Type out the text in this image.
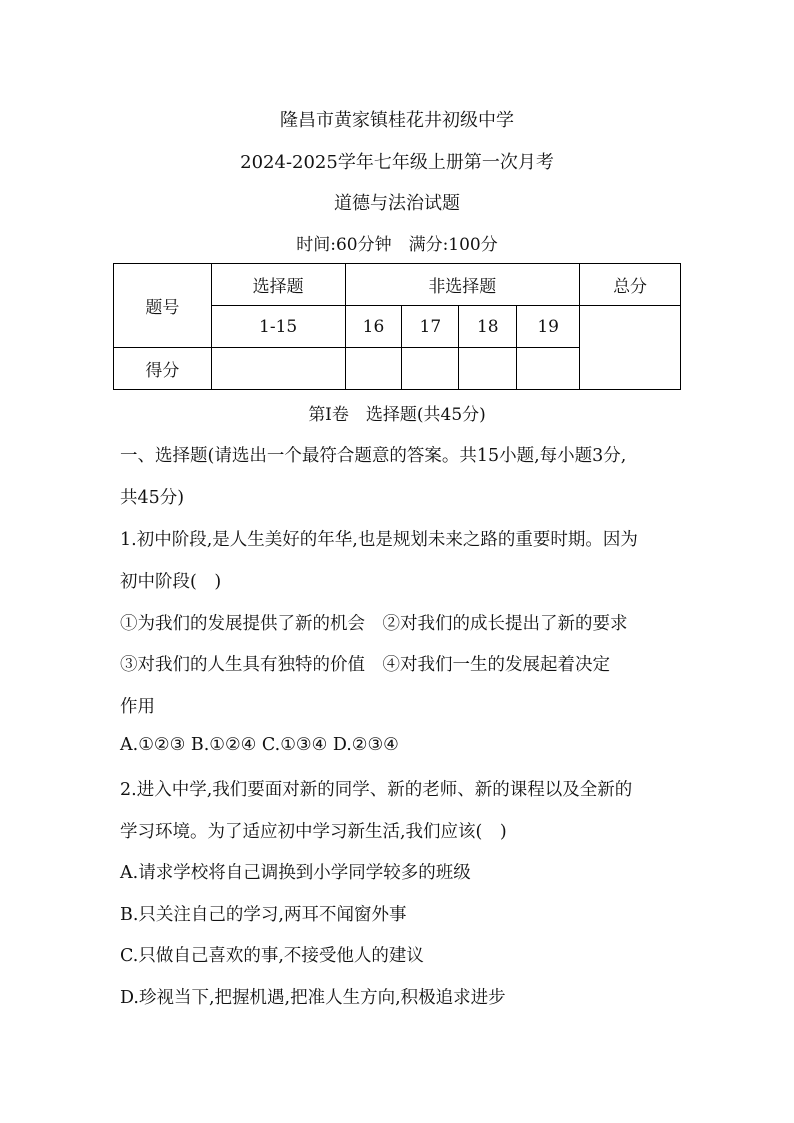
隆昌市黄家镇桂花井初级中学
2024-2025学年七年级上册第一次月考
道德与法治试题
时间:60分钟　满分:100分
题号	选择题	非选择题				总分
	1-15	16	17	18	19	
得分						
第Ⅰ卷　选择题(共45分)
一、选择题(请选出一个最符合题意的答案。共15小题,每小题3分,
共45分)
1.初中阶段,是人生美好的年华,也是规划未来之路的重要时期。因为
初中阶段(　)
①为我们的发展提供了新的机会　②对我们的成长提出了新的要求
③对我们的人生具有独特的价值　④对我们一生的发展起着决定
作用
A.①②③ B.①②④ C.①③④ D.②③④
2.进入中学,我们要面对新的同学、新的老师、新的课程以及全新的
学习环境。为了适应初中学习新生活,我们应该(　)
A.请求学校将自己调换到小学同学较多的班级
B.只关注自己的学习,两耳不闻窗外事
C.只做自己喜欢的事,不接受他人的建议
D.珍视当下,把握机遇,把准人生方向,积极追求进步
